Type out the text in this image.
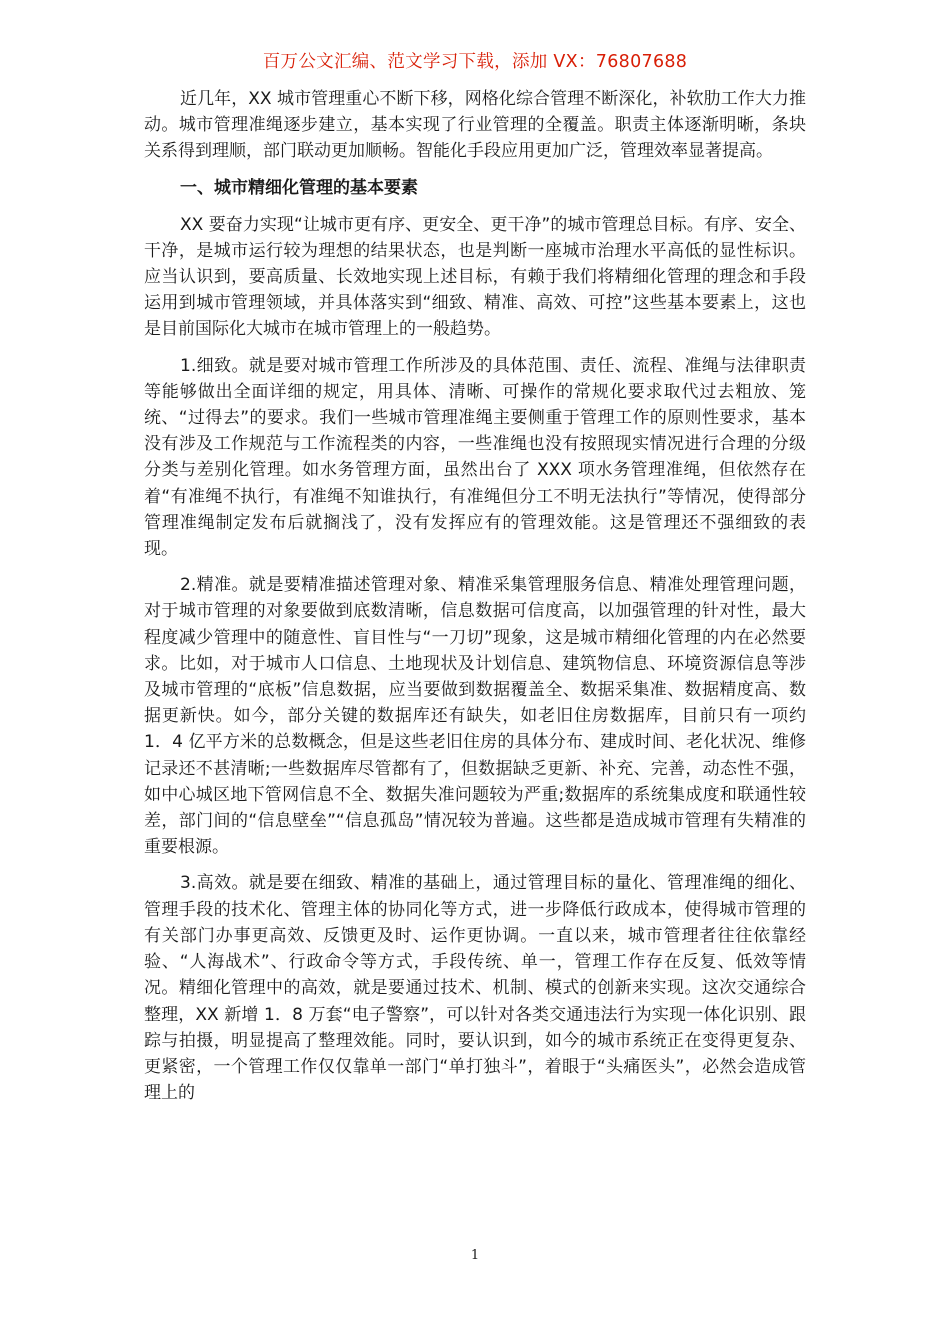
百万公文汇编、范文学习下载，添加 VX：76807688

近几年，XX 城市管理重心不断下移，网格化综合管理不断深化，补软肋工作大力推动。城市管理准绳逐步建立，基本实现了行业管理的全覆盖。职责主体逐渐明晰，条块关系得到理顺，部门联动更加顺畅。智能化手段应用更加广泛，管理效率显著提高。

一、城市精细化管理的基本要素

XX 要奋力实现“让城市更有序、更安全、更干净”的城市管理总目标。有序、安全、干净，是城市运行较为理想的结果状态，也是判断一座城市治理水平高低的显性标识。应当认识到，要高质量、长效地实现上述目标，有赖于我们将精细化管理的理念和手段运用到城市管理领域，并具体落实到“细致、精准、高效、可控”这些基本要素上，这也是目前国际化大城市在城市管理上的一般趋势。

1.细致。就是要对城市管理工作所涉及的具体范围、责任、流程、准绳与法律职责等能够做出全面详细的规定，用具体、清晰、可操作的常规化要求取代过去粗放、笼统、“过得去”的要求。我们一些城市管理准绳主要侧重于管理工作的原则性要求，基本没有涉及工作规范与工作流程类的内容，一些准绳也没有按照现实情况进行合理的分级分类与差别化管理。如水务管理方面，虽然出台了 XXX 项水务管理准绳，但依然存在着“有准绳不执行，有准绳不知谁执行，有准绳但分工不明无法执行”等情况，使得部分管理准绳制定发布后就搁浅了，没有发挥应有的管理效能。这是管理还不强细致的表现。

2.精准。就是要精准描述管理对象、精准采集管理服务信息、精准处理管理问题，对于城市管理的对象要做到底数清晰，信息数据可信度高，以加强管理的针对性，最大程度减少管理中的随意性、盲目性与“一刀切”现象，这是城市精细化管理的内在必然要求。比如，对于城市人口信息、土地现状及计划信息、建筑物信息、环境资源信息等涉及城市管理的“底板”信息数据，应当要做到数据覆盖全、数据采集准、数据精度高、数据更新快。如今，部分关键的数据库还有缺失，如老旧住房数据库，目前只有一项约 1．4 亿平方米的总数概念，但是这些老旧住房的具体分布、建成时间、老化状况、维修记录还不甚清晰;一些数据库尽管都有了，但数据缺乏更新、补充、完善，动态性不强，如中心城区地下管网信息不全、数据失准问题较为严重;数据库的系统集成度和联通性较差，部门间的“信息壁垒”“信息孤岛”情况较为普遍。这些都是造成城市管理有失精准的重要根源。

3.高效。就是要在细致、精准的基础上，通过管理目标的量化、管理准绳的细化、管理手段的技术化、管理主体的协同化等方式，进一步降低行政成本，使得城市管理的有关部门办事更高效、反馈更及时、运作更协调。一直以来，城市管理者往往依靠经验、“人海战术”、行政命令等方式，手段传统、单一，管理工作存在反复、低效等情况。精细化管理中的高效，就是要通过技术、机制、模式的创新来实现。这次交通综合整理，XX 新增 1．8 万套“电子警察”，可以针对各类交通违法行为实现一体化识别、跟踪与拍摄，明显提高了整理效能。同时，要认识到，如今的城市系统正在变得更复杂、更紧密，一个管理工作仅仅靠单一部门“单打独斗”，着眼于“头痛医头”，必然会造成管理上的

1
